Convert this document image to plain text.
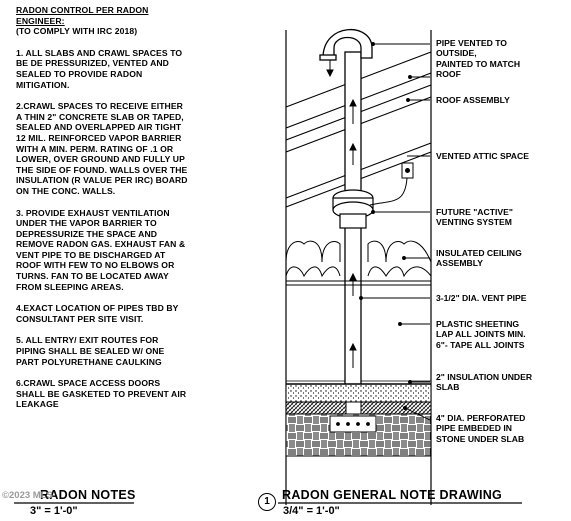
RADON CONTROL PER RADON
ENGINEER:
(TO COMPLY WITH IRC 2018)
1. ALL SLABS AND CRAWL SPACES TO
BE DE PRESSURIZED, VENTED AND
SEALED TO PROVIDE RADON
MITIGATION.
2.CRAWL SPACES TO RECEIVE EITHER
A THIN 2" CONCRETE SLAB OR TAPED,
SEALED AND OVERLAPPED AIR TIGHT
12 MIL. REINFORCED VAPOR BARRIER
WITH A MIN. PERM. RATING OF .1 OR
LOWER, OVER GROUND AND FULLY UP
THE SIDE OF FOUND. WALLS OVER THE
INSULATION (R VALUE PER IRC) BOARD
ON THE CONC. WALLS.
3. PROVIDE EXHAUST VENTILATION
UNDER THE VAPOR BARRIER TO
DEPRESSURIZE THE SPACE AND
REMOVE RADON GAS. EXHAUST FAN &
VENT PIPE TO BE DISCHARGED AT
ROOF WITH FEW TO NO ELBOWS OR
TURNS. FAN TO BE LOCATED AWAY
FROM SLEEPING AREAS.
4.EXACT LOCATION OF PIPES TBD BY
CONSULTANT PER SITE VISIT.
5. ALL ENTRY/ EXIT ROUTES FOR
PIPING SHALL BE SEALED W/ ONE
PART POLYURETHANE CAULKING
6.CRAWL SPACE ACCESS DOORS
SHALL BE GASKETED TO PREVENT AIR
LEAKAGE
PIPE VENTED TO
OUTSIDE,
PAINTED TO MATCH
ROOF
ROOF ASSEMBLY
VENTED ATTIC SPACE
FUTURE "ACTIVE"
VENTING SYSTEM
INSULATED CEILING
ASSEMBLY
3-1/2" DIA. VENT PIPE
PLASTIC SHEETING
LAP ALL JOINTS MIN.
6"- TAPE ALL JOINTS
2" INSULATION UNDER
SLAB
4" DIA. PERFORATED
PIPE EMBEDED IN
STONE UNDER SLAB
RADON NOTES
3" = 1'-0"
1 RADON GENERAL NOTE DRAWING
3/4" = 1'-0"
©2023 MLS
